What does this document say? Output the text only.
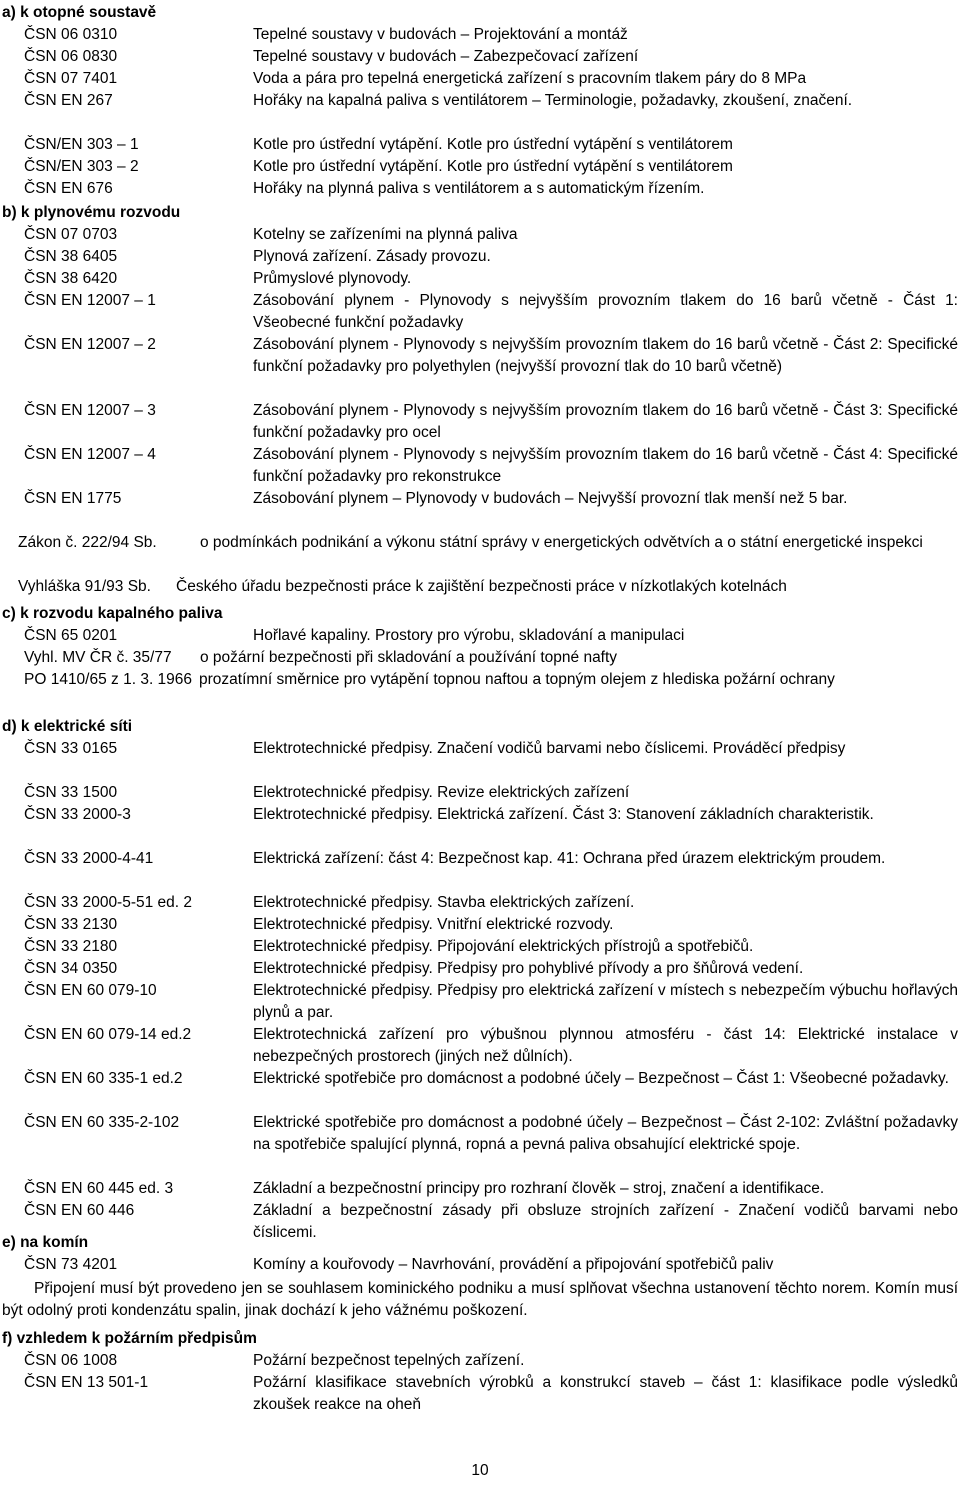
a) k otopné soustavě
ČSN 06 0310	Tepelné soustavy v budovách – Projektování a montáž
ČSN 06 0830	Tepelné soustavy v budovách – Zabezpečovací zařízení
ČSN 07 7401	Voda a pára pro tepelná energetická zařízení s pracovním tlakem páry do 8 MPa
ČSN EN 267	Hořáky na kapalná paliva s ventilátorem – Terminologie, požadavky, zkoušení, značení.
ČSN/EN 303 – 1	Kotle pro ústřední vytápění. Kotle pro ústřední vytápění s ventilátorem
ČSN/EN 303 – 2	Kotle pro ústřední vytápění. Kotle pro ústřední vytápění s ventilátorem
ČSN EN 676	Hořáky na plynná paliva s ventilátorem a s automatickým řízením.
b) k plynovému rozvodu
ČSN 07 0703	Kotelny se zařízeními na plynná paliva
ČSN 38 6405	Plynová zařízení. Zásady provozu.
ČSN 38 6420	Průmyslové plynovody.
ČSN EN 12007 – 1	Zásobování plynem - Plynovody s nejvyšším provozním tlakem do 16 barů včetně - Část 1: Všeobecné funkční požadavky
ČSN EN 12007 – 2	Zásobování plynem - Plynovody s nejvyšším provozním tlakem do 16 barů včetně - Část 2: Specifické funkční požadavky pro polyethylen (nejvyšší provozní tlak do 10 barů včetně)
ČSN EN 12007 – 3	Zásobování plynem - Plynovody s nejvyšším provozním tlakem do 16 barů včetně - Část 3: Specifické funkční požadavky pro ocel
ČSN EN 12007 – 4	Zásobování plynem - Plynovody s nejvyšším provozním tlakem do 16 barů včetně - Část 4: Specifické funkční požadavky pro rekonstrukce
ČSN EN 1775	Zásobování plynem – Plynovody v budovách – Nejvyšší provozní tlak menší než 5 bar.
Zákon č. 222/94 Sb.	o podmínkách podnikání a výkonu státní správy v energetických odvětvích a o státní energetické inspekci
Vyhláška 91/93 Sb. Českého úřadu bezpečnosti práce k zajištění bezpečnosti práce v nízkotlakých kotelnách
c) k rozvodu kapalného paliva
ČSN 65 0201	Hořlavé kapaliny. Prostory pro výrobu, skladování a manipulaci
Vyhl. MV ČR č. 35/77 o požární bezpečnosti při skladování a používání topné nafty
PO 1410/65 z 1. 3. 1966 prozatímní směrnice pro vytápění topnou naftou a topným olejem z hlediska požární ochrany
d) k elektrické síti
ČSN 33 0165	Elektrotechnické předpisy. Značení vodičů barvami nebo číslicemi. Prováděcí předpisy
ČSN 33 1500	Elektrotechnické předpisy. Revize elektrických zařízení
ČSN 33 2000-3	Elektrotechnické předpisy. Elektrická zařízení. Část 3: Stanovení základních charakteristik.
ČSN 33 2000-4-41	Elektrická zařízení: část 4: Bezpečnost kap. 41: Ochrana před úrazem elektrickým proudem.
ČSN 33 2000-5-51 ed. 2	Elektrotechnické předpisy. Stavba elektrických zařízení.
ČSN 33 2130	Elektrotechnické předpisy. Vnitřní elektrické rozvody.
ČSN 33 2180	Elektrotechnické předpisy. Připojování elektrických přístrojů a spotřebičů.
ČSN 34 0350	Elektrotechnické předpisy. Předpisy pro pohyblivé přívody a pro šňůrová vedení.
ČSN EN 60 079-10	Elektrotechnické předpisy. Předpisy pro elektrická zařízení v místech s nebezpečím výbuchu hořlavých plynů a par.
ČSN EN 60 079-14 ed.2	Elektrotechnická zařízení pro výbušnou plynnou atmosféru - část 14: Elektrické instalace v nebezpečných prostorech (jiných než důlních).
ČSN EN 60 335-1 ed.2	Elektrické spotřebiče pro domácnost a podobné účely – Bezpečnost – Část 1: Všeobecné požadavky.
ČSN EN 60 335-2-102	Elektrické spotřebiče pro domácnost a podobné účely – Bezpečnost – Část 2-102: Zvláštní požadavky na spotřebiče spalující plynná, ropná a pevná paliva obsahující elektrické spoje.
ČSN EN 60 445 ed. 3	Základní a bezpečnostní principy pro rozhraní člověk – stroj, značení a identifikace.
ČSN EN 60 446	Základní a bezpečnostní zásady při obsluze strojních zařízení - Značení vodičů barvami nebo číslicemi.
e) na komín
ČSN 73 4201	Komíny a kouřovody – Navrhování, provádění a připojování spotřebičů paliv
Připojení musí být provedeno jen se souhlasem kominického podniku a musí splňovat všechna ustanovení těchto norem. Komín musí být odolný proti kondenzátu spalin, jinak dochází k jeho vážnému poškození.
f) vzhledem k požárním předpisům
ČSN 06 1008	Požární bezpečnost tepelných zařízení.
ČSN EN 13 501-1	Požární klasifikace stavebních výrobků a konstrukcí staveb – část 1: klasifikace podle výsledků zkoušek reakce na oheň
10
